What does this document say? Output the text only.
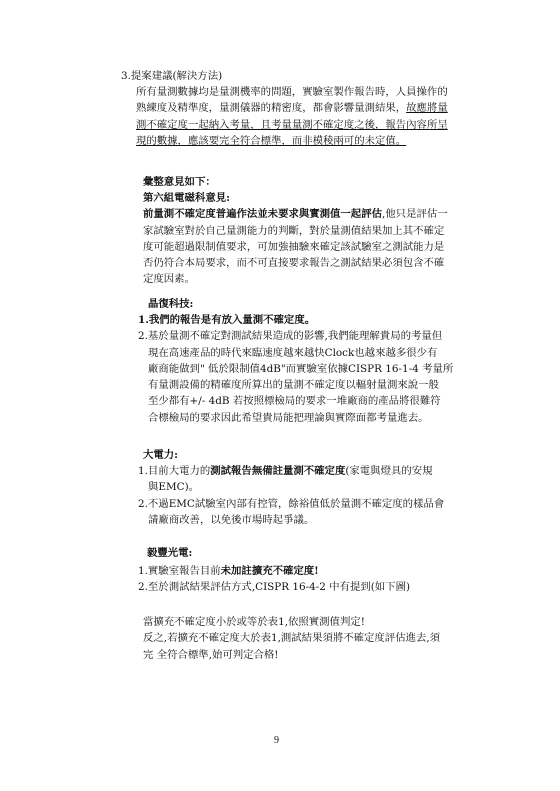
3.提案建議(解決方法)
所有量測數據均是量測機率的問題，實驗室製作報告時，人員操作的
熟練度及精準度，量測儀器的精密度，都會影響量測結果，故應將量
測不確定度一起納入考量，且考量量測不確定度之後，報告內容所呈
現的數據，應該要完全符合標準，而非模稜兩可的未定值。
彙整意見如下：
第六組電磁科意見:
前量測不確定度普遍作法並未要求與實測值一起評估,他只是評估一
家試驗室對於自己量測能力的判斷，對於量測值結果加上其不確定
度可能超過限制值要求，可加強抽驗來確定該試驗室之測試能力是
否仍符合本局要求，而不可直接要求報告之測試結果必須包含不確
定度因素。
晶復科技:
1.我們的報告是有放入量測不確定度。
2.基於量測不確定對測試結果造成的影響,我們能理解貴局的考量但
現在高速產品的時代來臨速度越來越快Clock也越來越多很少有
廠商能做到" 低於限制值4dB"而實驗室依據CISPR 16-1-4 考量所
有量測設備的精確度所算出的量測不確定度以輻射量測來說一般
至少都有+/- 4dB 若按照標檢局的要求一堆廠商的產品將很難符
合標檢局的要求因此希望貴局能把理論與實際面都考量進去。
大電力:
1.目前大電力的測試報告無備註量測不確定度(家電與燈具的安規
與EMC)。
2.不過EMC試驗室內部有控管，餘裕值低於量測不確定度的樣品會
請廠商改善，以免後市場時起爭議。
毅豐光電:
1.實驗室報告目前未加註擴充不確定度!
2.至於測試結果評估方式,CISPR 16-4-2 中有提到(如下圖)
當擴充不確定度小於或等於表1,依照實測值判定!
反之,若擴充不確定度大於表1,測試結果須將不確定度評估進去,須
完 全符合標準,始可判定合格!
9
